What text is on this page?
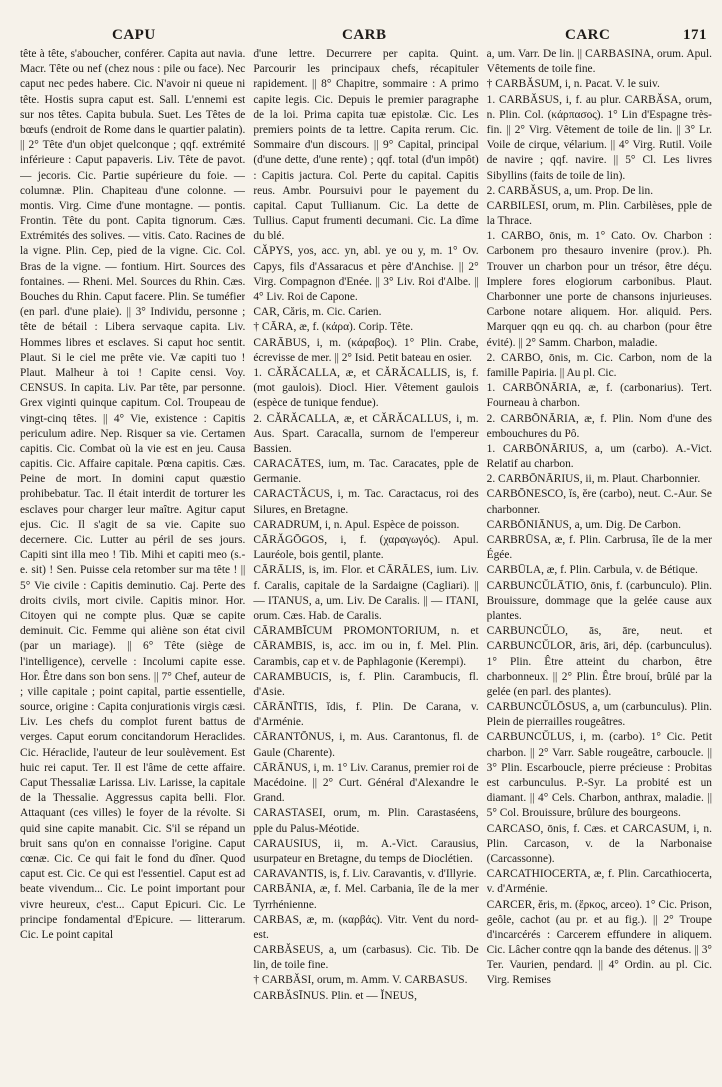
CAPU	CARB	CARC	171

tête à tête, s'aboucher, conférer. Capita aut navia. Macr. Tête ou nef (chez nous : pile ou face). Nec caput nec pedes habere. Cic. N'avoir ni queue ni tête. Hostis supra caput est. Sall. L'ennemi est sur nos têtes. Capita bubula. Suet. Les Têtes de bœufs (endroit de Rome dans le quartier palatin). || 2° Tête d'un objet quelconque ; qqf. extrémité inférieure : Caput papaveris. Liv. Tête de pavot. — jecoris. Cic. Partie supérieure du foie. — columnæ. Plin. Chapiteau d'une colonne. — montis. Virg. Cime d'une montagne. — pontis. Frontin. Tête du pont. Capita tignorum. Cæs. Extrémités des solives. — vitis. Cato. Racines de la vigne. Plin. Cep, pied de la vigne. Cic. Col. Bras de la vigne. — fontium. Hirt. Sources des fontaines. — Rheni. Mel. Sources du Rhin. Cæs. Bouches du Rhin. Caput facere. Plin. Se tuméfier (en parl. d'une plaie). || 3° Individu, personne ; tête de bétail : Libera servaque capita. Liv. Hommes libres et esclaves. Si caput hoc sentit. Plaut. Si le ciel me prête vie. Væ capiti tuo ! Plaut. Malheur à toi ! Capite censi. Voy. CENSUS. In capita. Liv. Par tête, par personne. Grex viginti quinque capitum. Col. Troupeau de vingt-cinq têtes. || 4° Vie, existence : Capitis periculum adire. Nep. Risquer sa vie. Certamen capitis. Cic. Combat où la vie est en jeu. Causa capitis. Cic. Affaire capitale. Pœna capitis. Cæs. Peine de mort. In domini caput quæstio prohibebatur. Tac. Il était interdit de torturer les esclaves pour charger leur maître. Agitur caput ejus. Cic. Il s'agit de sa vie. Capite suo decernere. Cic. Lutter au péril de ses jours. Capiti sint illa meo ! Tib. Mihi et capiti meo (s.-e. sit) ! Sen. Puisse cela retomber sur ma tête ! || 5° Vie civile : Capitis deminutio. Caj. Perte des droits civils, mort civile. Capitis minor. Hor. Citoyen qui ne compte plus. Quæ se capite deminuit. Cic. Femme qui aliène son état civil (par un mariage). || 6° Tête (siège de l'intelligence), cervelle : Incolumi capite esse. Hor. Être dans son bon sens. || 7° Chef, auteur de ; ville capitale ; point capital, partie essentielle, source, origine : Capita conjurationis virgis cæsi. Liv. Les chefs du complot furent battus de verges. Caput eorum concitandorum Heraclides. Cic. Héraclide, l'auteur de leur soulèvement. Est huic rei caput. Ter. Il est l'âme de cette affaire. Caput Thessaliæ Larissa. Liv. Larisse, la capitale de la Thessalie. Aggressus capita belli. Flor. Attaquant (ces villes) le foyer de la révolte. Si quid sine capite manabit. Cic. S'il se répand un bruit sans qu'on en connaisse l'origine. Caput cœnæ. Cic. Ce qui fait le fond du dîner. Quod caput est. Cic. Ce qui est l'essentiel. Caput est ad beate vivendum... Cic. Le point important pour vivre heureux, c'est... Caput Epicuri. Cic. Le principe fondamental d'Epicure. — litterarum. Cic. Le point capital

d'une lettre. Decurrere per capita. Quint. Parcourir les principaux chefs, récapituler rapidement. || 8° Chapitre, sommaire : A primo capite legis. Cic. Depuis le premier paragraphe de la loi. Prima capita tuæ epistolæ. Cic. Les premiers points de ta lettre. Capita rerum. Cic. Sommaire d'un discours. || 9° Capital, principal (d'une dette, d'une rente) ; qqf. total (d'un impôt) : Capitis jactura. Col. Perte du capital. Capitis reus. Ambr. Poursuivi pour le payement du capital. Caput Tullianum. Cic. La dette de Tullius. Caput frumenti decumani. Cic. La dîme du blé.

CĂPYS, yos, acc. yn, abl. ye ou y, m. 1° Ov. Capys, fils d'Assaracus et père d'Anchise. || 2° Virg. Compagnon d'Enée. || 3° Liv. Roi d'Albe. || 4° Liv. Roi de Capone.

CAR, Căris, m. Cic. Carien.

† CĀRA, æ, f. (κάρα). Corip. Tête.

CARĀBUS, i, m. (κάραβος). 1° Plin. Crabe, écrevisse de mer. || 2° Isid. Petit bateau en osier.

1. CĂRĂCALLA, æ, et CĂRĂCALLIS, is, f. (mot gaulois). Diocl. Hier. Vêtement gaulois (espèce de tunique fendue).

2. CĂRĂCALLA, æ, et CĂRĂCALLUS, i, m. Aus. Spart. Caracalla, surnom de l'empereur Bassien.

CARACĀTES, ium, m. Tac. Caracates, pple de Germanie.

CARACTĂCUS, i, m. Tac. Caractacus, roi des Silures, en Bretagne.

CARADRUM, i, n. Apul. Espèce de poisson.

CĀRĂGŌGOS, i, f. (χαραγωγός). Apul. Lauréole, bois gentil, plante.

CĀRĀLIS, is, im. Flor. et CĀRĀLES, ium. Liv. f. Caralis, capitale de la Sardaigne (Cagliari). || — ITANUS, a, um. Liv. De Caralis. || — ITANI, orum. Cæs. Hab. de Caralis.

CĀRAMBĪCUM PROMONTORIUM, n. et CĀRAMBIS, is, acc. im ou in, f. Mel. Plin. Carambis, cap et v. de Paphlagonie (Kerempi).

CARAMBUCIS, is, f. Plin. Carambucis, fl. d'Asie.

CĀRĀNĪTIS, ĭdis, f. Plin. De Caranа, v. d'Arménie.

CĀRANTŌNUS, i, m. Aus. Carantonus, fl. de Gaule (Charente).

CĀRĀNUS, i, m. 1° Liv. Caranus, premier roi de Macédoine. || 2° Curt. Général d'Alexandre le Grand.

CARASTASEI, orum, m. Plin. Carastaséens, pple du Palus-Méotide.

CARAUSIUS, ii, m. A.-Vict. Carausius, usurpateur en Bretagne, du temps de Dioclétien.

CARAVANTIS, is, f. Liv. Caravantis, v. d'Illyrie.

CARBĀNIA, æ, f. Mel. Carbania, île de la mer Tyrrhénienne.

CARBAS, æ, m. (καρβάς). Vitr. Vent du nord-est.

CARBĂSEUS, a, um (carbasus). Cic. Tib. De lin, de toile fine.

† CARBĂSI, orum, m. Amm. V. CARBASUS.

CARBĂSĪNUS. Plin. et — ĬNEUS,

a, um. Varr. De lin. || CARBASINA, orum. Apul. Vêtements de toile fine.

† CARBĂSUM, i, n. Pacat. V. le suiv.

1. CARBĂSUS, i, f. au plur. CARBĂSA, orum, n. Plin. Col. (κάρπασος). 1° Lin d'Espagne très-fin. || 2° Virg. Vêtement de toile de lin. || 3° Lr. Voile de cirque, vélarium. || 4° Virg. Rutil. Voile de navire ; qqf. navire. || 5° Cl. Les livres Sibyllins (faits de toile de lin).

2. CARBĂSUS, a, um. Prop. De lin.

CARBILESI, orum, m. Plin. Carbilèses, pple de la Thrace.

1. CARBO, ōnis, m. 1° Cato. Ov. Charbon : Carbonem pro thesauro invenire (prov.). Ph. Trouver un charbon pour un trésor, être déçu. Implere fores elogiorum carbonibus. Plaut. Charbonner une porte de chansons injurieuses. Carbone notare aliquem. Hor. aliquid. Pers. Marquer qqn eu qq. ch. au charbon (pour être évité). || 2° Samm. Charbon, maladie.

2. CARBO, ōnis, m. Cic. Carbon, nom de la famille Papiria. || Au pl. Cic.

1. CARBŌNĀRIA, æ, f. (carbonarius). Tert. Fourneau à charbon.

2. CARBŌNĀRIA, æ, f. Plin. Nom d'une des embouchures du Pô.

1. CARBŌNĀRIUS, a, um (carbo). A.-Vict. Relatif au charbon.

2. CARBŌNĀRIUS, ii, m. Plaut. Charbonnier.

CARBŌNESCO, ĭs, ĕre (carbo), neut. C.-Aur. Se charbonner.

CARBŌNIĀNUS, a, um. Dig. De Carbon.

CARBRŪSA, æ, f. Plin. Carbrusa, île de la mer Égée.

CARBŪLA, æ, f. Plin. Carbula, v. de Bétique.

CARBUNCŬLĀTIO, ōnis, f. (carbunculo). Plin. Brouissure, dommage que la gelée cause aux plantes.

CARBUNCŬLO, ās, āre, neut. et CARBUNCŬLOR, āris, āri, dép. (carbunculus). 1° Plin. Être atteint du charbon, être charbonneux. || 2° Plin. Être brouí, brûlé par la gelée (en parl. des plantes).

CARBUNCŬLŌSUS, a, um (carbunculus). Plin. Plein de pierrailles rougeâtres.

CARBUNCŬLUS, i, m. (carbo). 1° Cic. Petit charbon. || 2° Varr. Sable rougeâtre, carboucle. || 3° Plin. Escarboucle, pierre précieuse : Probitas est carbunculus. P.-Syr. La probité est un diamant. || 4° Cels. Charbon, anthrax, maladie. || 5° Col. Brouissure, brûlure des bourgeons.

CARCASO, ōnis, f. Cæs. et CARCASUM, i, n. Plin. Carcason, v. de la Narbonaise (Carcassonne).

CARCATHIOCERTA, æ, f. Plin. Carcathiocerta, v. d'Arménie.

CARCER, ĕris, m. (ἕρκος, arceo). 1° Cic. Prison, geôle, cachot (au pr. et au fig.). || 2° Troupe d'incarcérés : Carcerem effundere in aliquem. Cic. Lâcher contre qqn la bande des détenus. || 3° Ter. Vaurien, pendard. || 4° Ordin. au pl. Cic. Virg. Remises
